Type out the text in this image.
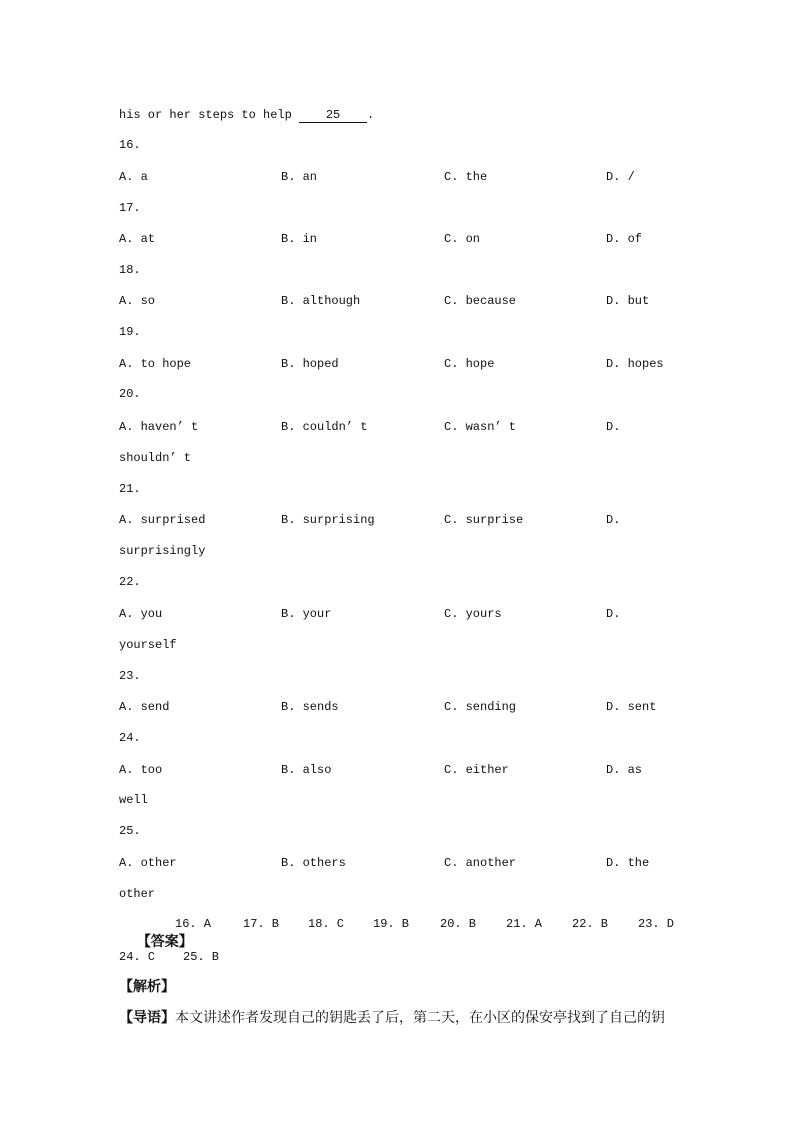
his or her steps to help 25 .
16.

A. a

	B. an

	C. the

	D. /

17.

A. at

	B. in

	C. on

	D. of

18.

A. so

	B. although

	C. because

	D. but

19.

A. to hope

	B. hoped

	C. hope

	D. hopes

20.

A. haven’ t

	B. couldn’ t

	C. wasn’ t

	D.

shouldn’ t
21.

A. surprised

	B. surprising

	C. surprise

	D.

surprisingly
22.

A. you

	B. your

	C. yours

	D.

yourself
23.

A. send

	B. sends

	C. sending

	D. sent

24.

A. too

	B. also

	C. either

	D. as

well
25.

A. other

	B. others

	C. another

	D. the

other

【答案】

16. A

	17. B

18. C

19. B

	20. B

21. A

22. B

23. D

24. C

25. B

【解析】
【导语】本文讲述作者发现自己的钥匙丢了后，第二天，在小区的保安亭找到了自己的钥
